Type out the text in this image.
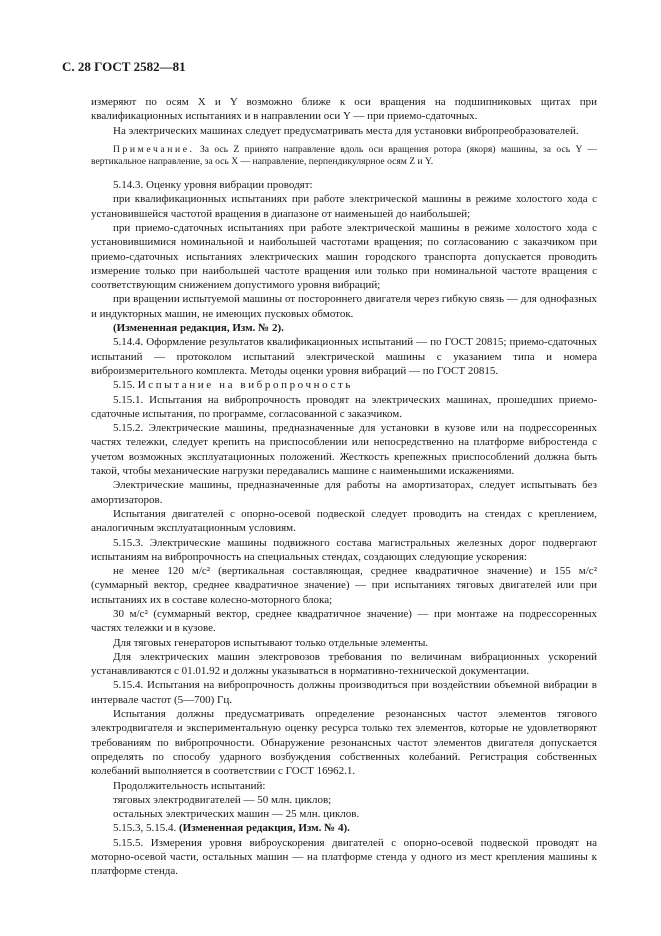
С. 28 ГОСТ 2582—81

измеряют по осям X и Y возможно ближе к оси вращения на подшипниковых щитах при квалификационных испытаниях и в направлении оси Y — при приемо-сдаточных.

На электрических машинах следует предусматривать места для установки вибропреобразователей.

Примечание. За ось Z принято направление вдоль оси вращения ротора (якоря) машины, за ось Y — вертикальное направление, за ось X — направление, перпендикулярное осям Z и Y.

5.14.3. Оценку уровня вибрации проводят:

при квалификационных испытаниях при работе электрической машины в режиме холостого хода с установившейся частотой вращения в диапазоне от наименьшей до наибольшей;

при приемо-сдаточных испытаниях при работе электрической машины в режиме холостого хода с установившимися номинальной и наибольшей частотами вращения; по согласованию с заказчиком при приемо-сдаточных испытаниях электрических машин городского транспорта допускается проводить измерение только при наибольшей частоте вращения или только при номинальной частоте вращения с соответствующим снижением допустимого уровня вибраций;

при вращении испытуемой машины от постороннего двигателя через гибкую связь — для однофазных и индукторных машин, не имеющих пусковых обмоток.

(Измененная редакция, Изм. № 2).

5.14.4. Оформление результатов квалификационных испытаний — по ГОСТ 20815; приемо-сдаточных испытаний — протоколом испытаний электрической машины с указанием типа и номера виброизмерительного комплекта. Методы оценки уровня вибраций — по ГОСТ 20815.

5.15. Испытание на вибропрочность

5.15.1. Испытания на вибропрочность проводят на электрических машинах, прошедших приемо-сдаточные испытания, по программе, согласованной с заказчиком.

5.15.2. Электрические машины, предназначенные для установки в кузове или на подрессоренных частях тележки, следует крепить на приспособлении или непосредственно на платформе вибростенда с учетом возможных эксплуатационных положений. Жесткость крепежных приспособлений должна быть такой, чтобы механические нагрузки передавались машине с наименьшими искажениями.

Электрические машины, предназначенные для работы на амортизаторах, следует испытывать без амортизаторов.

Испытания двигателей с опорно-осевой подвеской следует проводить на стендах с креплением, аналогичным эксплуатационным условиям.

5.15.3. Электрические машины подвижного состава магистральных железных дорог подвергают испытаниям на вибропрочность на специальных стендах, создающих следующие ускорения:

не менее 120 м/с² (вертикальная составляющая, среднее квадратичное значение) и 155 м/с² (суммарный вектор, среднее квадратичное значение) — при испытаниях тяговых двигателей или при испытаниях их в составе колесно-моторного блока;

30 м/с² (суммарный вектор, среднее квадратичное значение) — при монтаже на подрессоренных частях тележки и в кузове.

Для тяговых генераторов испытывают только отдельные элементы.

Для электрических машин электровозов требования по величинам вибрационных ускорений устанавливаются с 01.01.92 и должны указываться в нормативно-технической документации.

5.15.4. Испытания на вибропрочность должны производиться при воздействии объемной вибрации в интервале частот (5—700) Гц.

Испытания должны предусматривать определение резонансных частот элементов тягового электродвигателя и экспериментальную оценку ресурса только тех элементов, которые не удовлетворяют требованиям по вибропрочности. Обнаружение резонансных частот элементов двигателя допускается определять по способу ударного возбуждения собственных колебаний. Регистрация собственных колебаний выполняется в соответствии с ГОСТ 16962.1.

Продолжительность испытаний:

тяговых электродвигателей — 50 млн. циклов;

остальных электрических машин — 25 млн. циклов.

5.15.3, 5.15.4. (Измененная редакция, Изм. № 4).

5.15.5. Измерения уровня виброускорения двигателей с опорно-осевой подвеской проводят на моторно-осевой части, остальных машин — на платформе стенда у одного из мест крепления машины к платформе стенда.
